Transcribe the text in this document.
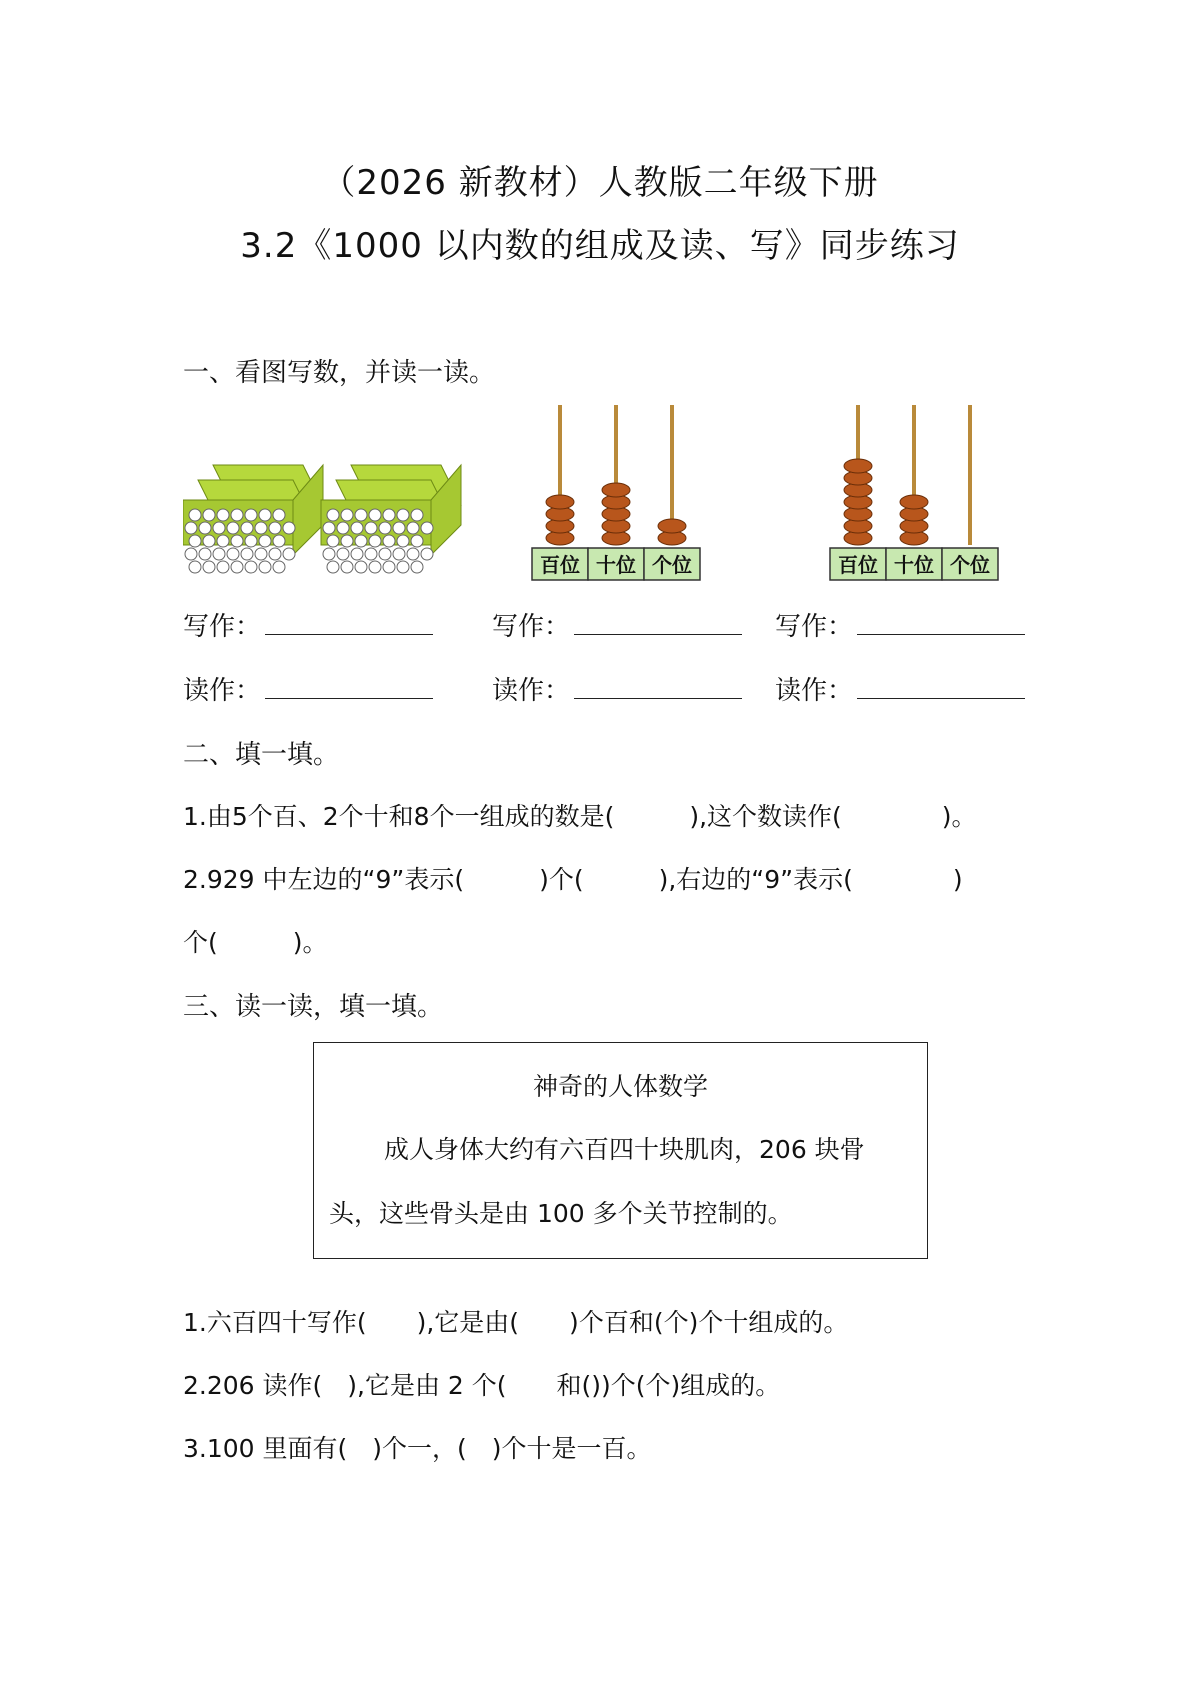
（2026 新教材）人教版二年级下册
3.2《1000 以内数的组成及读、写》同步练习
一、看图写数，并读一读。
百位 十位 个位	百位 十位 个位
写作：	写作：	写作：
读作：	读作：	读作：
二、填一填。
1.由5个百、2个十和8个一组成的数是(　　　),这个数读作(　　　　)。
2.929 中左边的“9”表示(　　　)个(　　　),右边的“9”表示(　　　　)
个(　　　)。
三、读一读，填一填。
神奇的人体数学
成人身体大约有六百四十块肌肉，206 块骨
头，这些骨头是由 100 多个关节控制的。
1.六百四十写作(　　),它是由(　　)个百和(个)个十组成的。
2.206 读作(　),它是由 2 个(　　和())个(个)组成的。
3.100 里面有(　)个一，(　)个十是一百。
